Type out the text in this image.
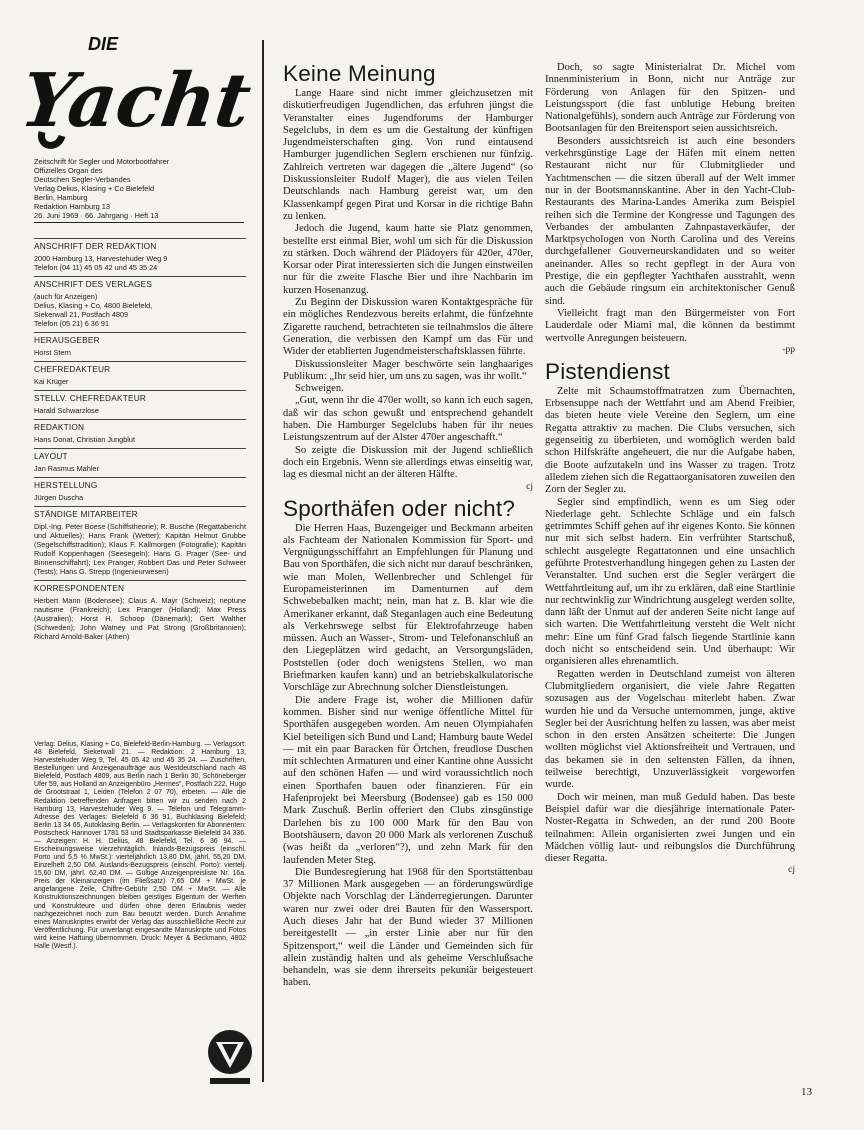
DIE
Yacht
Zeitschrift für Segler und Motorbootfahrer
Offizielles Organ des
Deutschen Segler-Verbandes
Verlag Delius, Klasing + Co Bielefeld
Berlin, Hamburg
Redaktion Hamburg 13
26. Juni 1969 · 66. Jahrgang · Heft 13
ANSCHRIFT DER REDAKTION
2000 Hamburg 13, Harvestehuder Weg 9
Telefon (04 11) 45 05 42 und 45 35 24
ANSCHRIFT DES VERLAGES
(auch für Anzeigen)
Delius, Klasing + Co, 4800 Bielefeld,
Siekerwall 21, Postfach 4809
Telefon (05 21) 6 36 91
HERAUSGEBER
Horst Stern
CHEFREDAKTEUR
Kai Krüger
STELLV. CHEFREDAKTEUR
Harald Schwarzlose
REDAKTION
Hans Donat, Christian Jungblut
LAYOUT
Jan Rasmus Mahler
HERSTELLUNG
Jürgen Duscha
STÄNDIGE MITARBEITER
Dipl.-Ing. Peter Boese (Schiffstheorie); R. Busche (Regattabericht und Aktuelles); Hans Frank (Wetter); Kapitän Helmut Grubbe (Segelschiffstradition); Klaus F. Kallmorgen (Fotografie); Kapitän Rudolf Koppenhagen (Seesegeln); Hans G. Prager (See- und Binnenschiffahrt); Lex Pranger, Robbert Das und Peter Schweer (Tests); Hans G. Strepp (Ingenieurwesen)
KORRESPONDENTEN
Herbert Mann (Bodensee); Claus A. Mayr (Schweiz); neptune nautisme (Frankreich); Lex Pranger (Holland); Max Press (Australien); Horst H. Schoop (Dänemark); Gert Walther (Schweden); John Watney und Pat Strong (Großbritannien); Richard Arnold-Baker (Athen)
Verlag: Delius, Klasing + Co, Bielefeld-Berlin-Hamburg. — Verlagsort: 48 Bielefeld, Siekerwall 21. — Redaktion: 2 Hamburg 13, Harvestehuder Weg 9, Tel. 45 05 42 und 45 35 24. — Zuschriften, Bestellungen und Anzeigenaufträge aus Westdeutschland nach 48 Bielefeld, Postfach 4809, aus Berlin nach 1 Berlin 30, Schöneberger Ufer 59, aus Holland an Anzeigenbüro „Hermes“, Postfach 222, Hugo de Grootstraat 1, Leiden (Telefon 2 07 70), erbeten. — Alle die Redaktion betreffenden Anfragen bitten wir zu senden nach 2 Hamburg 13, Harvestehuder Weg 9. — Telefon und Telegramm-Adresse des Verlages: Bielefeld 6 36 91, Buchklasing Bielefeld; Berlin 13 34 65, Autoklasing Berlin. — Verlagskonten für Abonnenten: Postscheck Hannover 1781 53 und Stadtsparkasse Bielefeld 34 336. — Anzeigen: H. H. Delius, 48 Bielefeld, Tel. 6 36 94. — Erscheinungsweise vierzehntäglich. Inlands-Bezugspreis (einschl. Porto und 5,5 % MwSt.): vierteljährlich 13,80 DM, jährl. 55,20 DM, Einzelheft 2,50 DM. Auslands-Bezugspreis (einschl. Porto): viertelj. 15,60 DM, jährl. 62,40 DM. — Gültige Anzeigenpreisliste Nr. 16a. Preis der Kleinanzeigen (im Fließsatz) 7,65 DM + MwSt. je angefangene Zeile, Chiffre-Gebühr 2,50 DM + MwSt. — Alle Konstruktionszeichnungen bleiben geistiges Eigentum der Werften und Konstrukteure und dürfen ohne deren Erlaubnis weder nachgezeichnet noch zum Bau benutzt werden. Durch Annahme eines Manuskriptes erwirbt der Verlag das ausschließliche Recht zur Veröffentlichung. Für unverlangt eingesandte Manuskripte und Fotos wird keine Haftung übernommen. Druck: Meyer & Beckmann, 4802 Halle (Westf.).
Keine Meinung

Lange Haare sind nicht immer gleichzusetzen mit diskutierfreudigen Jugendlichen, das erfuhren jüngst die Veranstalter eines Jugendforums der Hamburger Segelclubs, in dem es um die Gestaltung der künftigen Jugendmeisterschaften ging. Von rund eintausend Hamburger jugendlichen Seglern erschienen nur fünfzig. Zahlreich vertreten war dagegen die „ältere Jugend“ (so Diskussionsleiter Rudolf Mager), die aus vielen Teilen Deutschlands nach Hamburg gereist war, um den Klassenkampf gegen Pirat und Korsar in die richtige Bahn zu lenken.

Jedoch die Jugend, kaum hatte sie Platz genommen, bestellte erst einmal Bier, wohl um sich für die Diskussion zu stärken. Doch während der Plädoyers für 420er, 470er, Korsar oder Pirat interessierten sich die Jungen einstweilen nur für die zweite Flasche Bier und ihre Nachbarin im kurzen Hosenanzug.

Zu Beginn der Diskussion waren Kontaktgespräche für ein mögliches Rendezvous bereits erlahmt, die fünfzehnte Zigarette rauchend, betrachteten sie teilnahmslos die ältere Generation, die verbissen den Kampf um das Für und Wider der etablierten Jugendmeisterschaftsklassen führte.

Diskussionsleiter Mager beschwörte sein langhaariges Publikum: „Ihr seid hier, um uns zu sagen, was ihr wollt.“

Schweigen.

„Gut, wenn ihr die 470er wollt, so kann ich euch sagen, daß wir das schon gewußt und entsprechend gehandelt haben. Die Hamburger Segelclubs haben für ihr neues Leistungszentrum auf der Alster 470er angeschafft.“

So zeigte die Diskussion mit der Jugend schließlich doch ein Ergebnis. Wenn sie allerdings etwas einseitig war, lag es diesmal nicht an der älteren Hälfte.

cj
Sporthäfen oder nicht?

Die Herren Haas, Buzengeiger und Beckmann arbeiten als Fachteam der Nationalen Kommission für Sport- und Vergnügungsschiffahrt an Empfehlungen für Planung und Bau von Sporthäfen, die sich nicht nur darauf beschränken, wie man Molen, Wellenbrecher und Schlengel für Europameisterinnen im Damenturnen auf dem Schwebebalken macht; nein, man hat z. B. klar wie die Amerikaner erkannt, daß Steganlagen auch eine Bedeutung als Verkehrswege selbst für Elektrofahrzeuge haben müssen. Auch an Wasser-, Strom- und Telefonanschluß an den Liegeplätzen wird gedacht, an Versorgungsläden, Poststellen (oder doch wenigstens Stellen, wo man Briefmarken kaufen kann) und an betriebskalkulatorische Vorschläge zur Abrechnung solcher Dienstleistungen.

Die andere Frage ist, woher die Millionen dafür kommen. Bisher sind nur wenige öffentliche Mittel für Sporthäfen ausgegeben worden. Am neuen Olympiahafen Kiel beteiligen sich Bund und Land; Hamburg baute Wedel — mit ein paar Baracken für Örtchen, freudlose Duschen mit schlechten Armaturen und einer Kantine ohne Aussicht auf den schönen Hafen — und wird voraussichtlich noch einen Sporthafen bauen oder finanzieren. Für ein Hafenprojekt bei Meersburg (Bodensee) gab es 150 000 Mark Zuschuß. Berlin offeriert den Clubs zinsgünstige Darlehen bis zu 100 000 Mark für den Bau von Bootshäusern, davon 20 000 Mark als verlorenen Zuschuß (was heißt da „verloren“?), und zehn Mark für den laufenden Meter Steg.

Die Bundesregierung hat 1968 für den Sportstättenbau 37 Millionen Mark ausgegeben — an förderungswürdige Objekte nach Vorschlag der Länderregierungen. Darunter waren nur zwei oder drei Bauten für den Wassersport. Auch dieses Jahr hat der Bund wieder 37 Millionen bereitgestellt — „in erster Linie aber nur für den Spitzensport,“ weil die Länder und Gemeinden sich für allein zuständig halten und als geheime Verschlußsache behandeln, was sie denn ihrerseits pekuniär beigesteuert haben.

Doch, so sagte Ministerialrat Dr. Michel vom Innenministerium in Bonn, nicht nur Anträge zur Förderung von Anlagen für den Spitzen- und Leistungssport (die fast unblutige Hebung breiten Nationalgefühls), sondern auch Anträge zur Förderung von Bootsanlagen für den Breitensport seien aussichtsreich.

Besonders aussichtsreich ist auch eine besonders verkehrsgünstige Lage der Häfen mit einem netten Restaurant nicht nur für Clubmitglieder und Yachtmenschen — die sitzen überall auf der Welt immer nur in der Bootsmannskantine. Aber in den Yacht-Club-Restaurants des Marina-Landes Amerika zum Beispiel reihen sich die Termine der Kongresse und Tagungen des Verbandes der ambulanten Zahnpastaverkäufer, der Marktpsychologen von North Carolina und des Vereins durchgefallener Gouverneurskandidaten und so weiter aneinander. Alles so recht gepflegt in der Aura von Prestige, die ein gepflegter Yachthafen ausstrahlt, wenn auch die Gebäude ringsum ein architektonischer Genuß sind.

Vielleicht fragt man den Bürgermeister von Fort Lauderdale oder Miami mal, die können da bestimmt wertvolle Anregungen beisteuern.

-pp
Pistendienst

Zelte mit Schaumstoffmatratzen zum Übernachten, Erbsensuppe nach der Wettfahrt und am Abend Freibier, das bieten heute viele Vereine den Seglern, um eine Regatta attraktiv zu machen. Die Clubs versuchen, sich gegenseitig zu überbieten, und womöglich werden bald schon Hilfskräfte angeheuert, die nur die Aufgabe haben, die Boote aufzutakeln und ins Wasser zu tragen. Trotz alledem ziehen sich die Regattaorganisatoren zuweilen den Zorn der Segler zu.

Segler sind empfindlich, wenn es um Sieg oder Niederlage geht. Schlechte Schläge und ein falsch getrimmtes Schiff gehen auf ihr eigenes Konto. Sie können nur mit sich selbst hadern. Ein verfrühter Startschuß, schlecht ausgelegte Regattatonnen und eine unsachlich geführte Protestverhandlung hingegen gehen zu Lasten der Veranstalter. Und suchen erst die Segler verärgert die Wettfahrtleitung auf, um ihr zu erklären, daß eine Startlinie nur rechtwinklig zur Windrichtung ausgelegt werden sollte, dann läßt der Unmut auf der anderen Seite nicht lange auf sich warten. Die Wettfahrtleitung versteht die Welt nicht mehr: Eine um fünf Grad falsch liegende Startlinie kann doch nicht so entscheidend sein. Und überhaupt: Wir organisieren alles ehrenamtlich.

Regatten werden in Deutschland zumeist von älteren Clubmitgliedern organisiert, die viele Jahre Regatten sozusagen aus der Vogelschau miterlebt haben. Zwar wurden hie und da Versuche unternommen, junge, aktive Segler bei der Ausrichtung helfen zu lassen, was aber meist schon in den ersten Ansätzen scheiterte: Die Jungen wollten möglichst viel Aktionsfreiheit und Vertrauen, und das bekamen sie in den seltensten Fällen, da ihnen, teilweise berechtigt, Unzuverlässigkeit vorgeworfen wurde.

Doch wir meinen, man muß Geduld haben. Das beste Beispiel dafür war die diesjährige internationale Pater-Noster-Regatta in Schweden, an der rund 200 Boote teilnahmen: Allein organisierten zwei Jungen und ein Mädchen völlig laut- und reibungslos die Durchführung dieser Regatta.

cj
13
